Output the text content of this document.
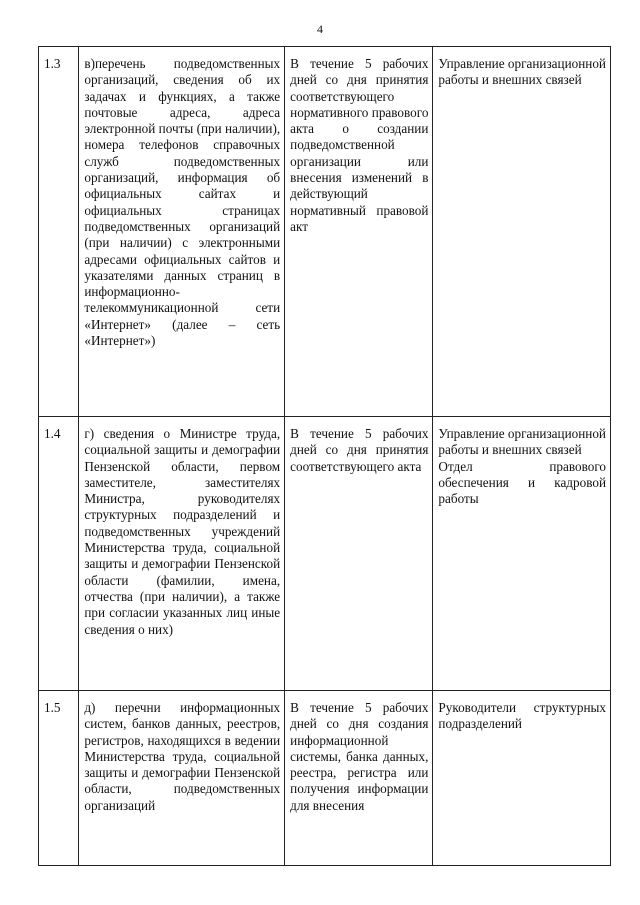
4
1.3	в)перечень подведомственных организаций, сведения об их задачах и функциях, а также почтовые адреса, адреса электронной почты (при наличии), номера телефонов справочных служб подведомственных организаций, информация об официальных сайтах и официальных страницах подведомственных организаций (при наличии) с электронными адресами официальных сайтов и указателями данных страниц в информационно-телекоммуникационной сети «Интернет» (далее – сеть «Интернет»)	В течение 5 рабочих дней со дня принятия соответствующего нормативного правового акта о создании подведомственной организации или внесения изменений в действующий нормативный правовой акт	Управление организационной работы и внешних связей

1.4	г) сведения о Министре труда, социальной защиты и демографии Пензенской области, первом заместителе, заместителях Министра, руководителях структурных подразделений и подведомственных учреждений Министерства труда, социальной защиты и демографии Пензенской области (фамилии, имена, отчества (при наличии), а также при согласии указанных лиц иные сведения о них)	В течение 5 рабочих дней со дня принятия соответствующего акта	Управление организационной работы и внешних связей
Отдел правового обеспечения и кадровой работы

1.5	д) перечни информационных систем, банков данных, реестров, регистров, находящихся в ведении Министерства труда, социальной защиты и демографии Пензенской области, подведомственных организаций	В течение 5 рабочих дней со дня создания информационной системы, банка данных, реестра, регистра или получения информации для внесения	Руководители структурных подразделений
